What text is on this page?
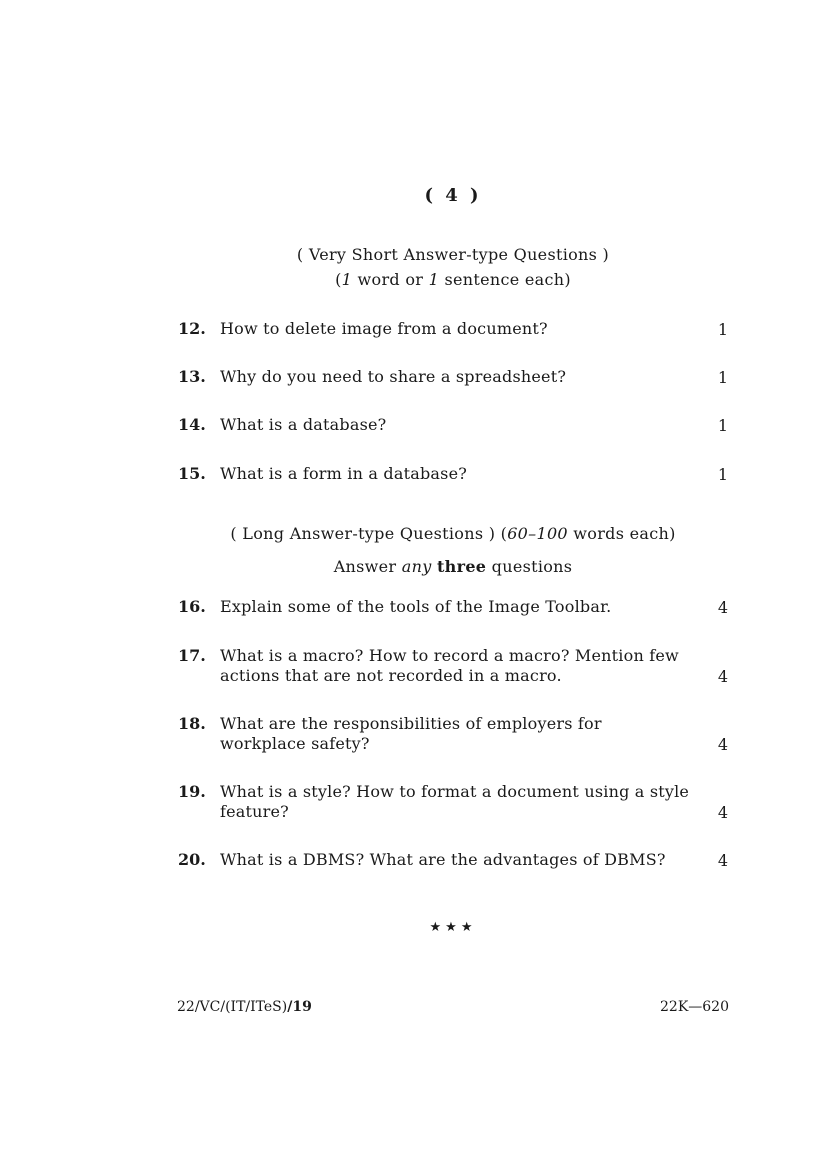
( 4 )
( Very Short Answer-type Questions )
(1 word or 1 sentence each)
12. How to delete image from a document?	1
13. Why do you need to share a spreadsheet?	1
14. What is a database?	1
15. What is a form in a database?	1
( Long Answer-type Questions ) (60–100 words each)
Answer any three questions
16. Explain some of the tools of the Image Toolbar.	4
17. What is a macro? How to record a macro? Mention few actions that are not recorded in a macro.	4
18. What are the responsibilities of employers for workplace safety?	4
19. What is a style? How to format a document using a style feature?	4
20. What is a DBMS? What are the advantages of DBMS?	4
★★★
22/VC/(IT/ITeS)/19	22K—620
